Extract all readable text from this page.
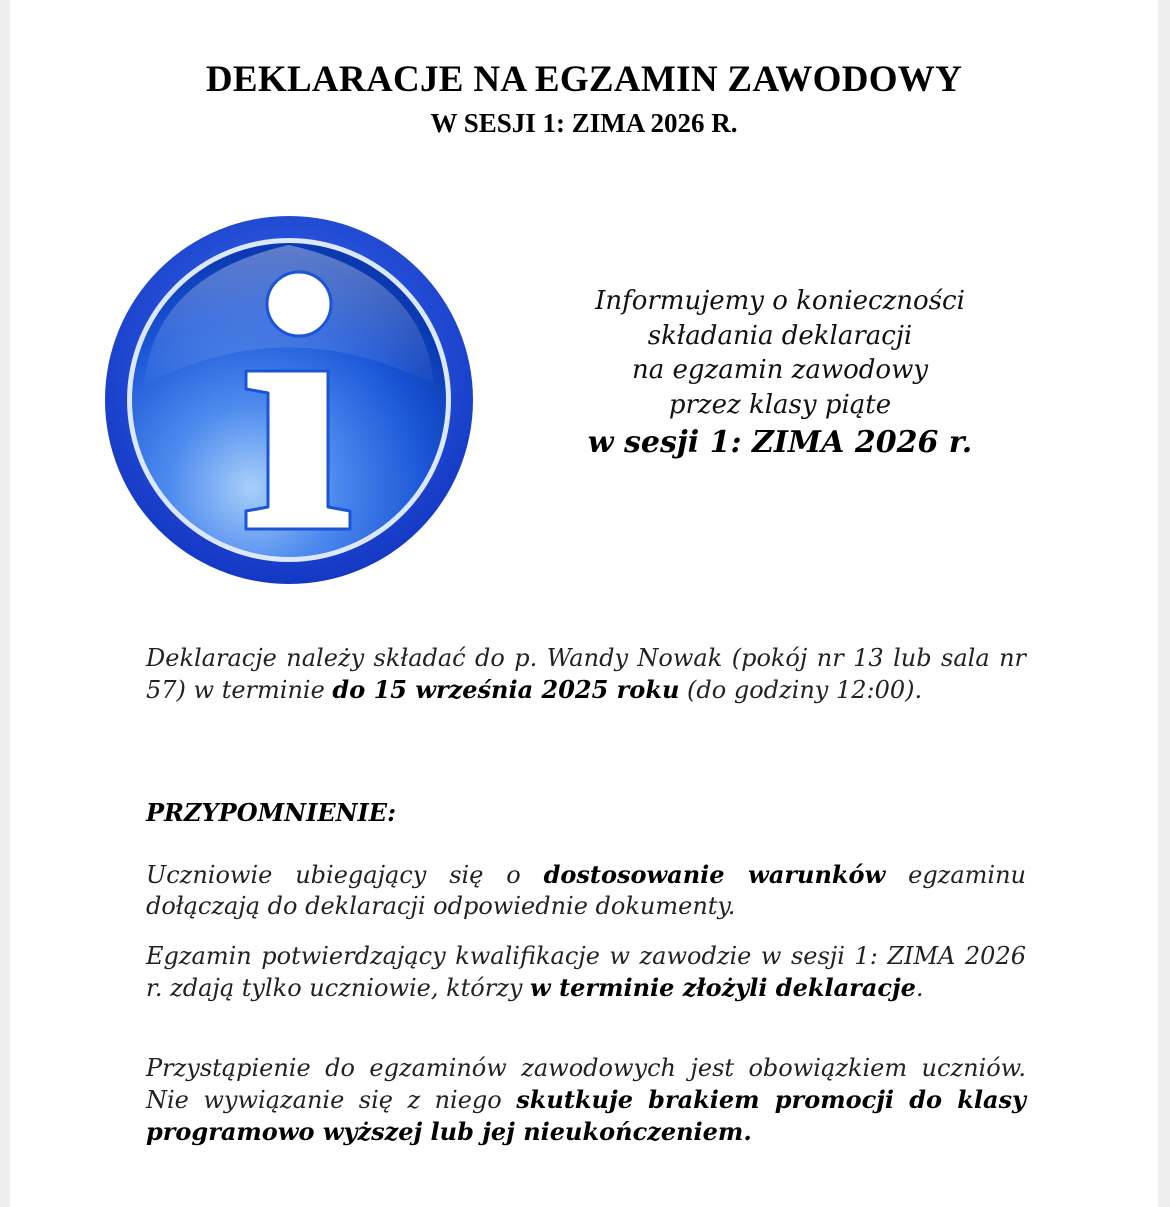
DEKLARACJE NA EGZAMIN ZAWODOWY
W SESJI 1: ZIMA 2026 R.
Informujemy o konieczności
składania deklaracji
na egzamin zawodowy
przez klasy piąte
w sesji 1: ZIMA 2026 r.
Deklaracje należy składać do p. Wandy Nowak (pokój nr 13 lub sala nr 57) w terminie do 15 września 2025 roku (do godziny 12:00).
PRZYPOMNIENIE:
Uczniowie ubiegający się o dostosowanie warunków egzaminu dołączają do deklaracji odpowiednie dokumenty.
Egzamin potwierdzający kwalifikacje w zawodzie w sesji 1: ZIMA 2026 r. zdają tylko uczniowie, którzy w terminie złożyli deklaracje.
Przystąpienie do egzaminów zawodowych jest obowiązkiem uczniów. Nie wywiązanie się z niego skutkuje brakiem promocji do klasy programowo wyższej lub jej nieukończeniem.
